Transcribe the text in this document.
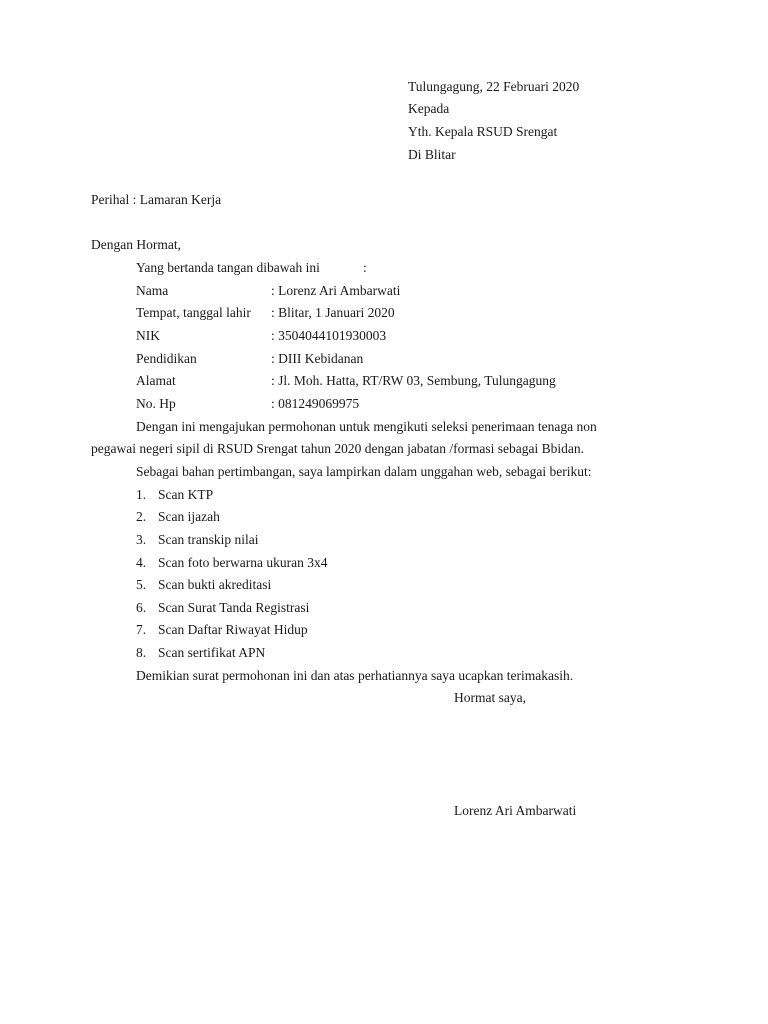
Tulungagung, 22 Februari 2020
Kepada
Yth. Kepala RSUD Srengat
Di Blitar
Perihal : Lamaran Kerja
Dengan Hormat,
Yang bertanda tangan dibawah ini	:
Nama	: Lorenz Ari Ambarwati
Tempat, tanggal lahir : Blitar, 1 Januari 2020
NIK	: 3504044101930003
Pendidikan	: DIII Kebidanan
Alamat	: Jl. Moh. Hatta, RT/RW 03, Sembung, Tulungagung
No. Hp	: 081249069975
Dengan ini mengajukan permohonan untuk mengikuti seleksi penerimaan tenaga non
pegawai negeri sipil di RSUD Srengat tahun 2020 dengan jabatan /formasi sebagai Bbidan.
Sebagai bahan pertimbangan, saya lampirkan dalam unggahan web, sebagai berikut:
1. Scan KTP
2. Scan ijazah
3. Scan transkip nilai
4. Scan foto berwarna ukuran 3x4
5. Scan bukti akreditasi
6. Scan Surat Tanda Registrasi
7. Scan Daftar Riwayat Hidup
8. Scan sertifikat APN
Demikian surat permohonan ini dan atas perhatiannya saya ucapkan terimakasih.
Hormat saya,
Lorenz Ari Ambarwati
